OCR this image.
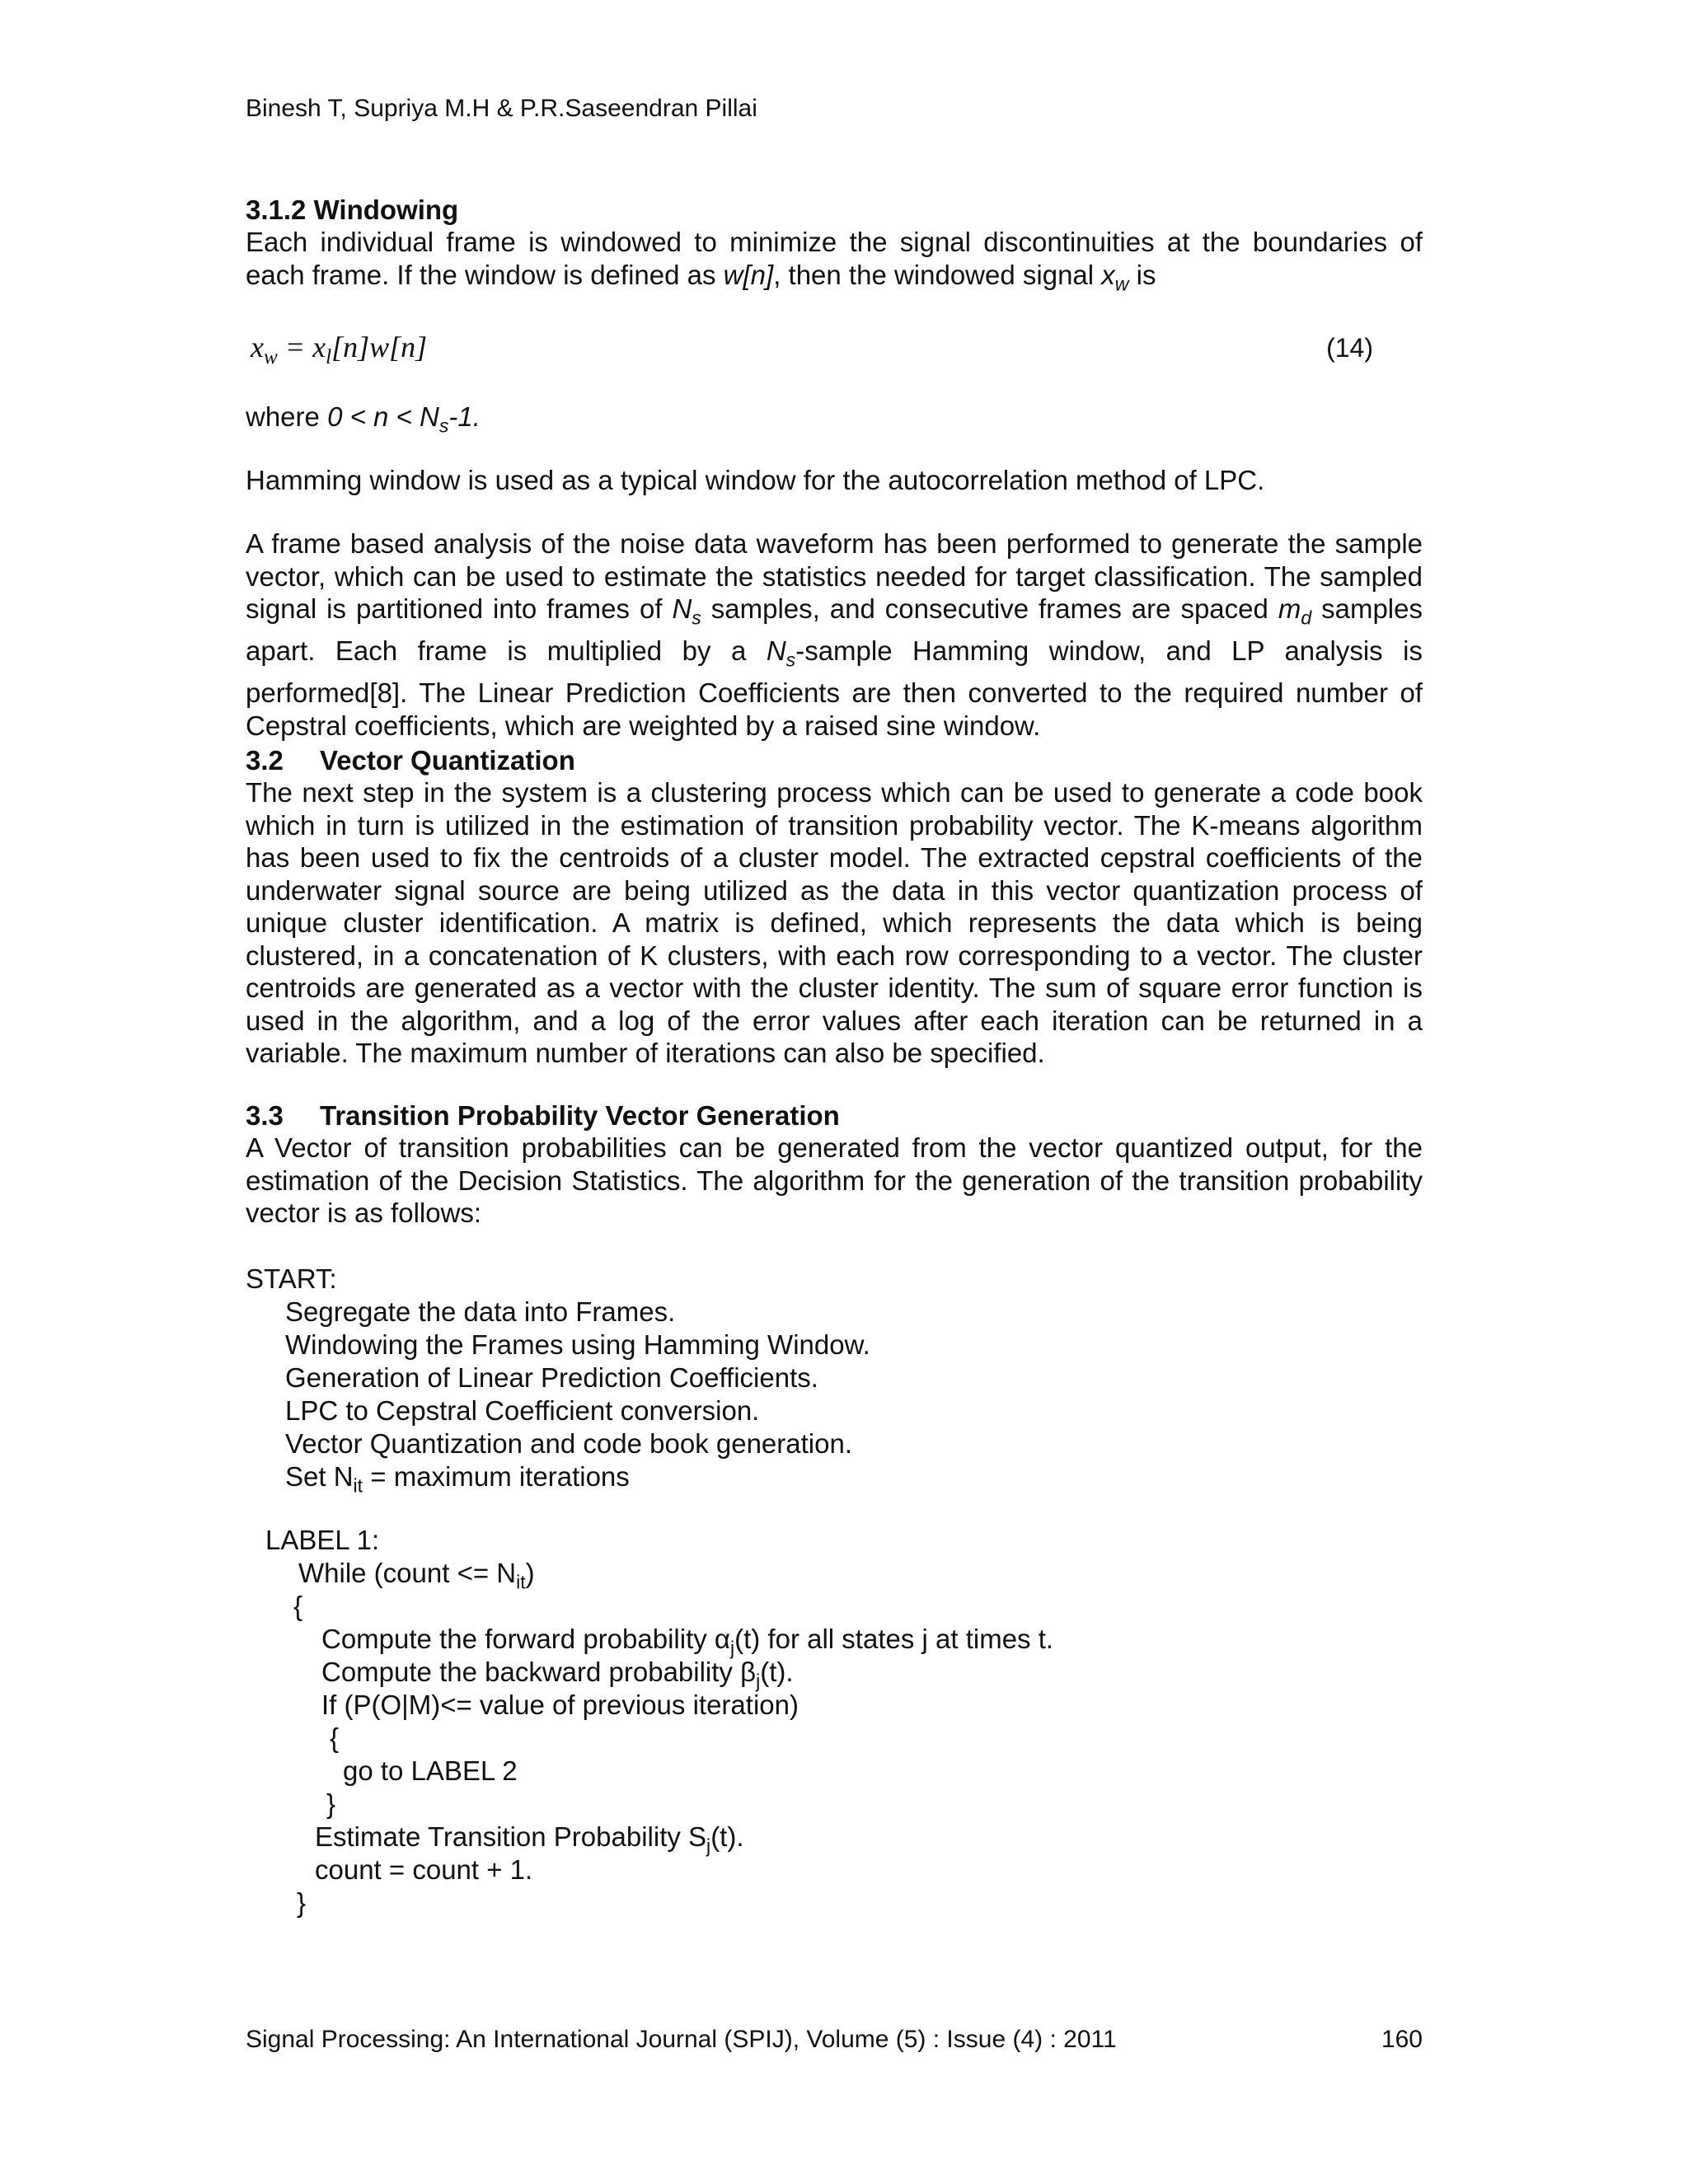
Binesh T, Supriya M.H & P.R.Saseendran Pillai

3.1.2 Windowing

Each individual frame is windowed to minimize the signal discontinuities at the boundaries of each frame. If the window is defined as w[n], then the windowed signal $x_w$ is

$x_w = x_l[n]w[n]$	(14)

where $0 < n < N_s-1$.

Hamming window is used as a typical window for the autocorrelation method of LPC.

A frame based analysis of the noise data waveform has been performed to generate the sample vector, which can be used to estimate the statistics needed for target classification. The sampled signal is partitioned into frames of $N_s$ samples, and consecutive frames are spaced $m_d$ samples apart. Each frame is multiplied by a $N_s$-sample Hamming window, and LP analysis is performed[8]. The Linear Prediction Coefficients are then converted to the required number of Cepstral coefficients, which are weighted by a raised sine window.

3.2 Vector Quantization

The next step in the system is a clustering process which can be used to generate a code book which in turn is utilized in the estimation of transition probability vector. The K-means algorithm has been used to fix the centroids of a cluster model. The extracted cepstral coefficients of the underwater signal source are being utilized as the data in this vector quantization process of unique cluster identification. A matrix is defined, which represents the data which is being clustered, in a concatenation of K clusters, with each row corresponding to a vector. The cluster centroids are generated as a vector with the cluster identity. The sum of square error function is used in the algorithm, and a log of the error values after each iteration can be returned in a variable. The maximum number of iterations can also be specified.

3.3 Transition Probability Vector Generation

A Vector of transition probabilities can be generated from the vector quantized output, for the estimation of the Decision Statistics. The algorithm for the generation of the transition probability vector is as follows:

START:
Segregate the data into Frames.
Windowing the Frames using Hamming Window.
Generation of Linear Prediction Coefficients.
LPC to Cepstral Coefficient conversion.
Vector Quantization and code book generation.
Set $N_{it}$ = maximum iterations
LABEL 1:
While (count <= $N_{it}$)
{
Compute the forward probability $\alpha_j(t)$ for all states j at times t.
Compute the backward probability $\beta_j(t)$.
If (P(O|M)<= value of previous iteration)
{
go to LABEL 2
}
Estimate Transition Probability $S_j(t)$.
count = count + 1.
}
Signal Processing: An International Journal (SPIJ), Volume (5) : Issue (4) : 2011	160
